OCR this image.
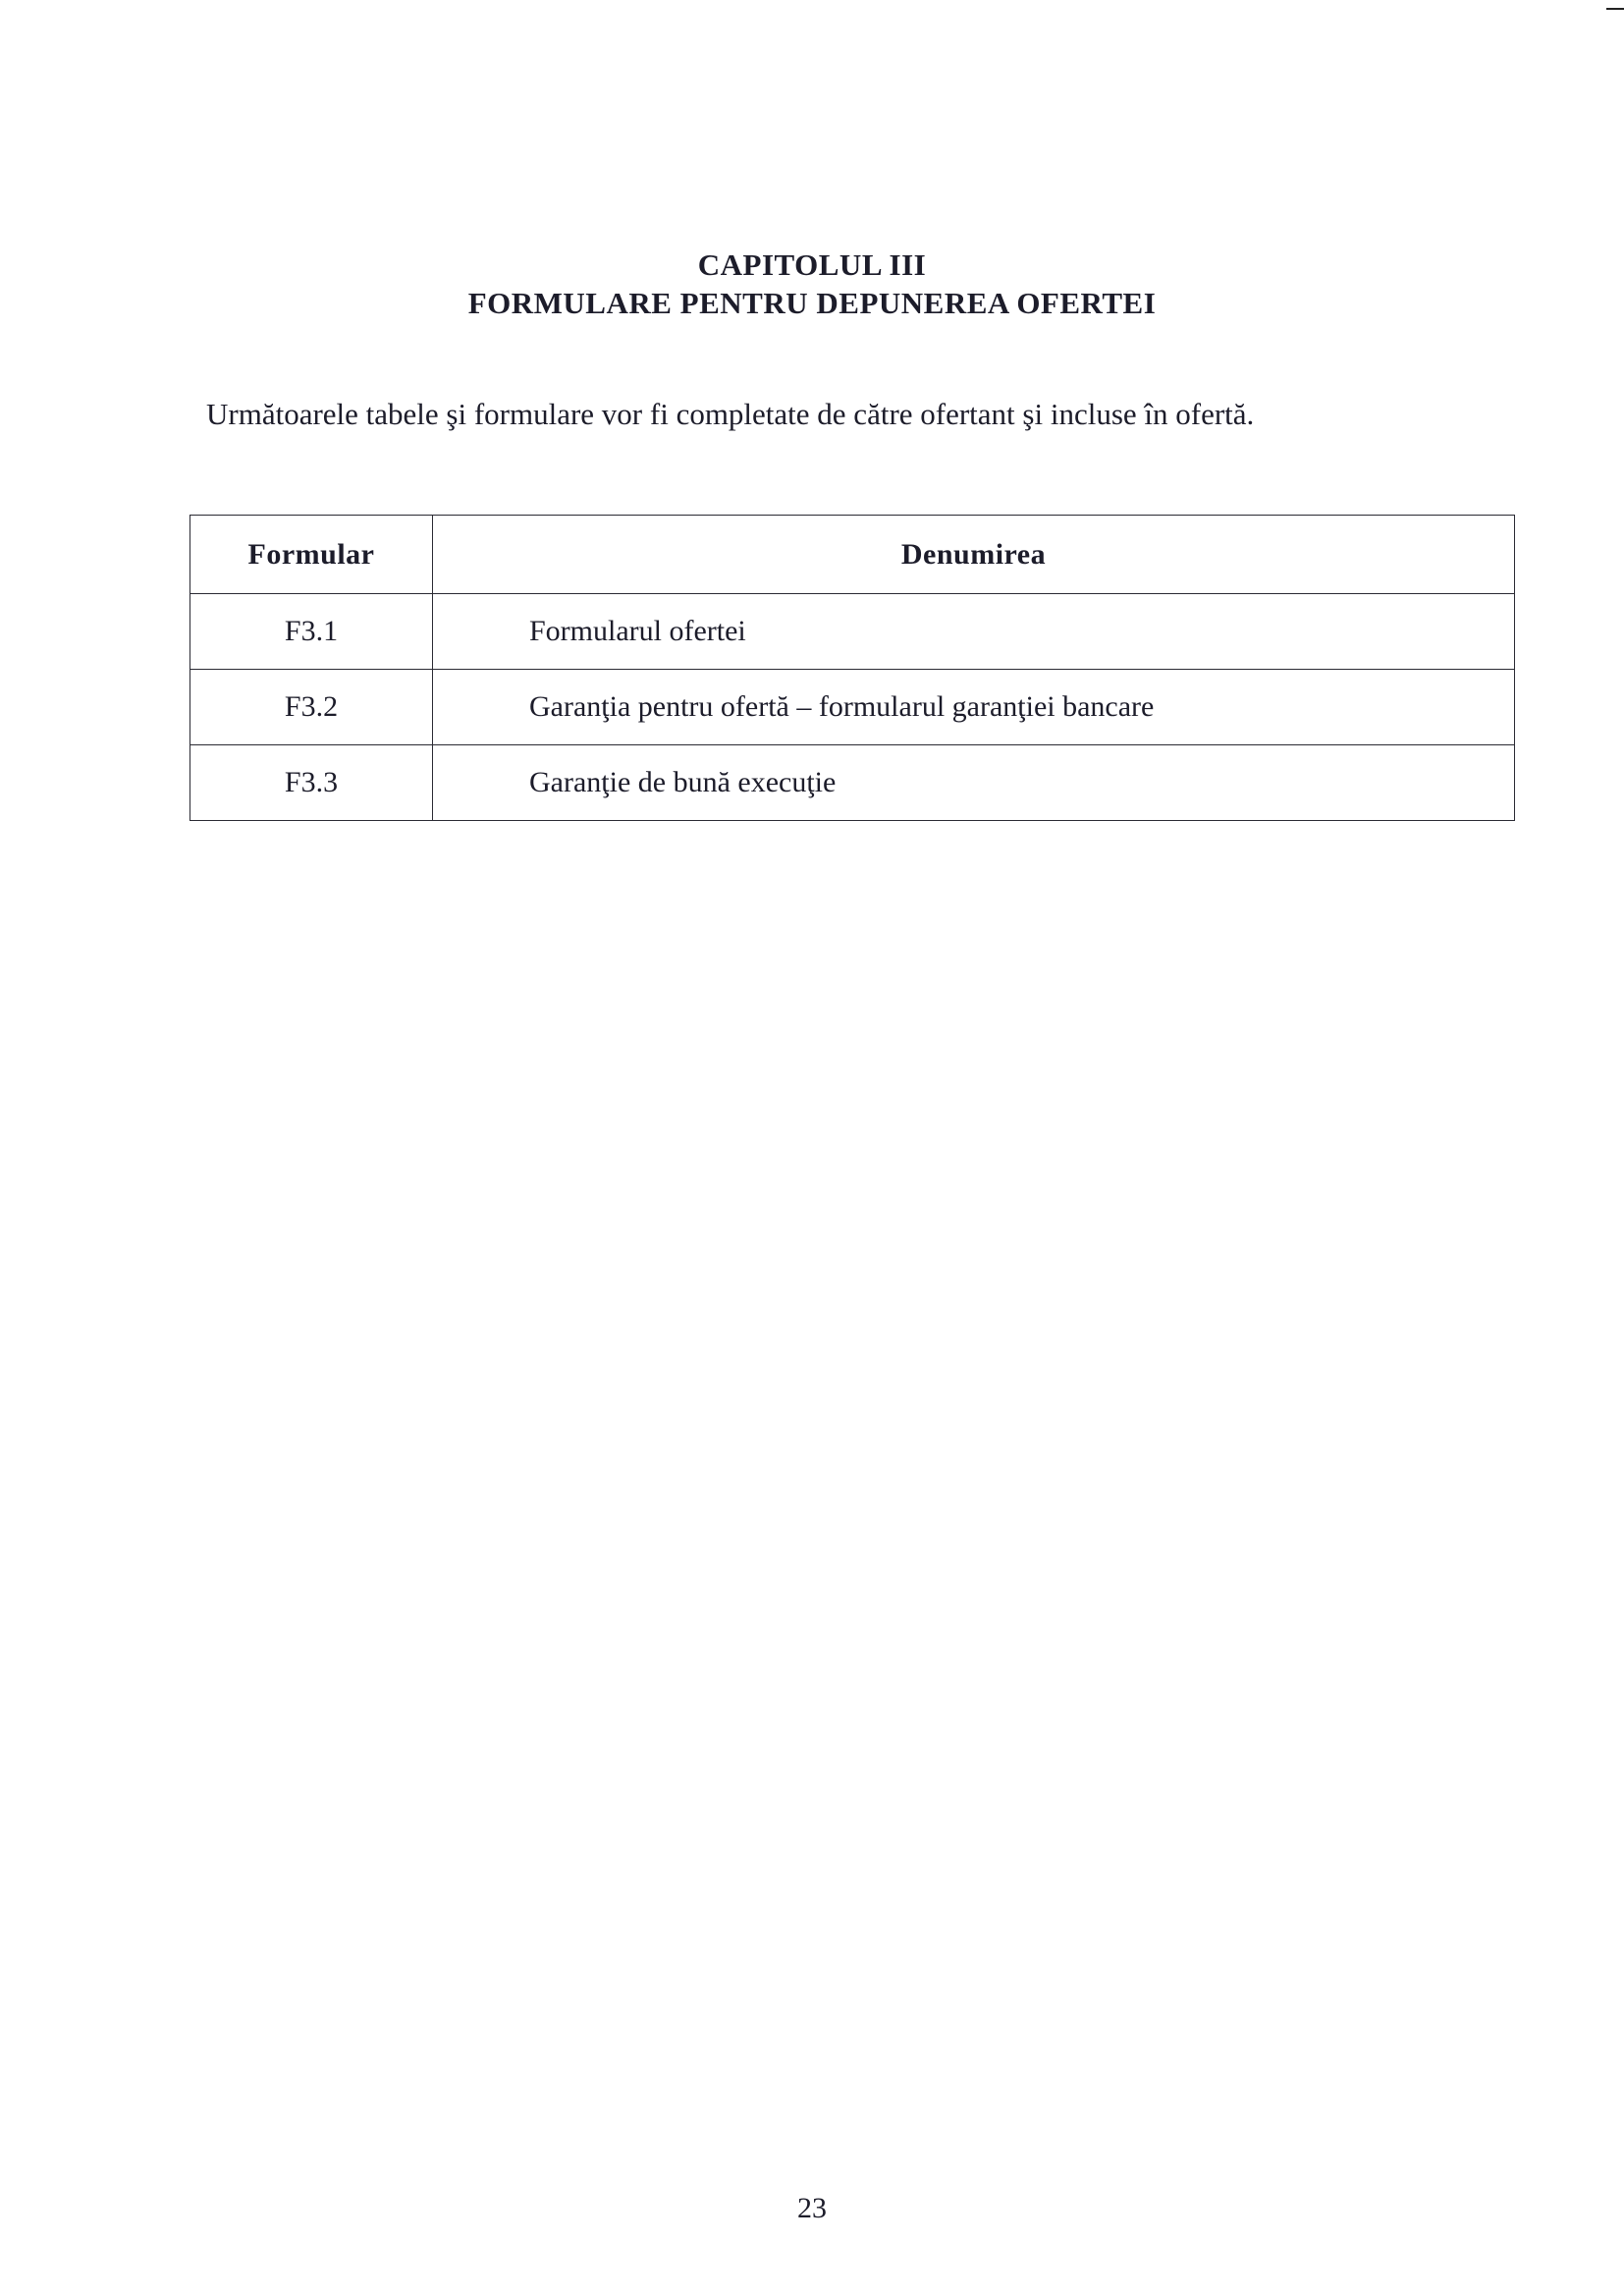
CAPITOLUL III
FORMULARE PENTRU DEPUNEREA OFERTEI
Următoarele tabele şi formulare vor fi completate de către ofertant şi incluse în ofertă.
Formular	Denumirea
F3.1	Formularul ofertei
F3.2	Garanţia pentru ofertă – formularul garanţiei bancare
F3.3	Garanţie de bună execuţie
23
